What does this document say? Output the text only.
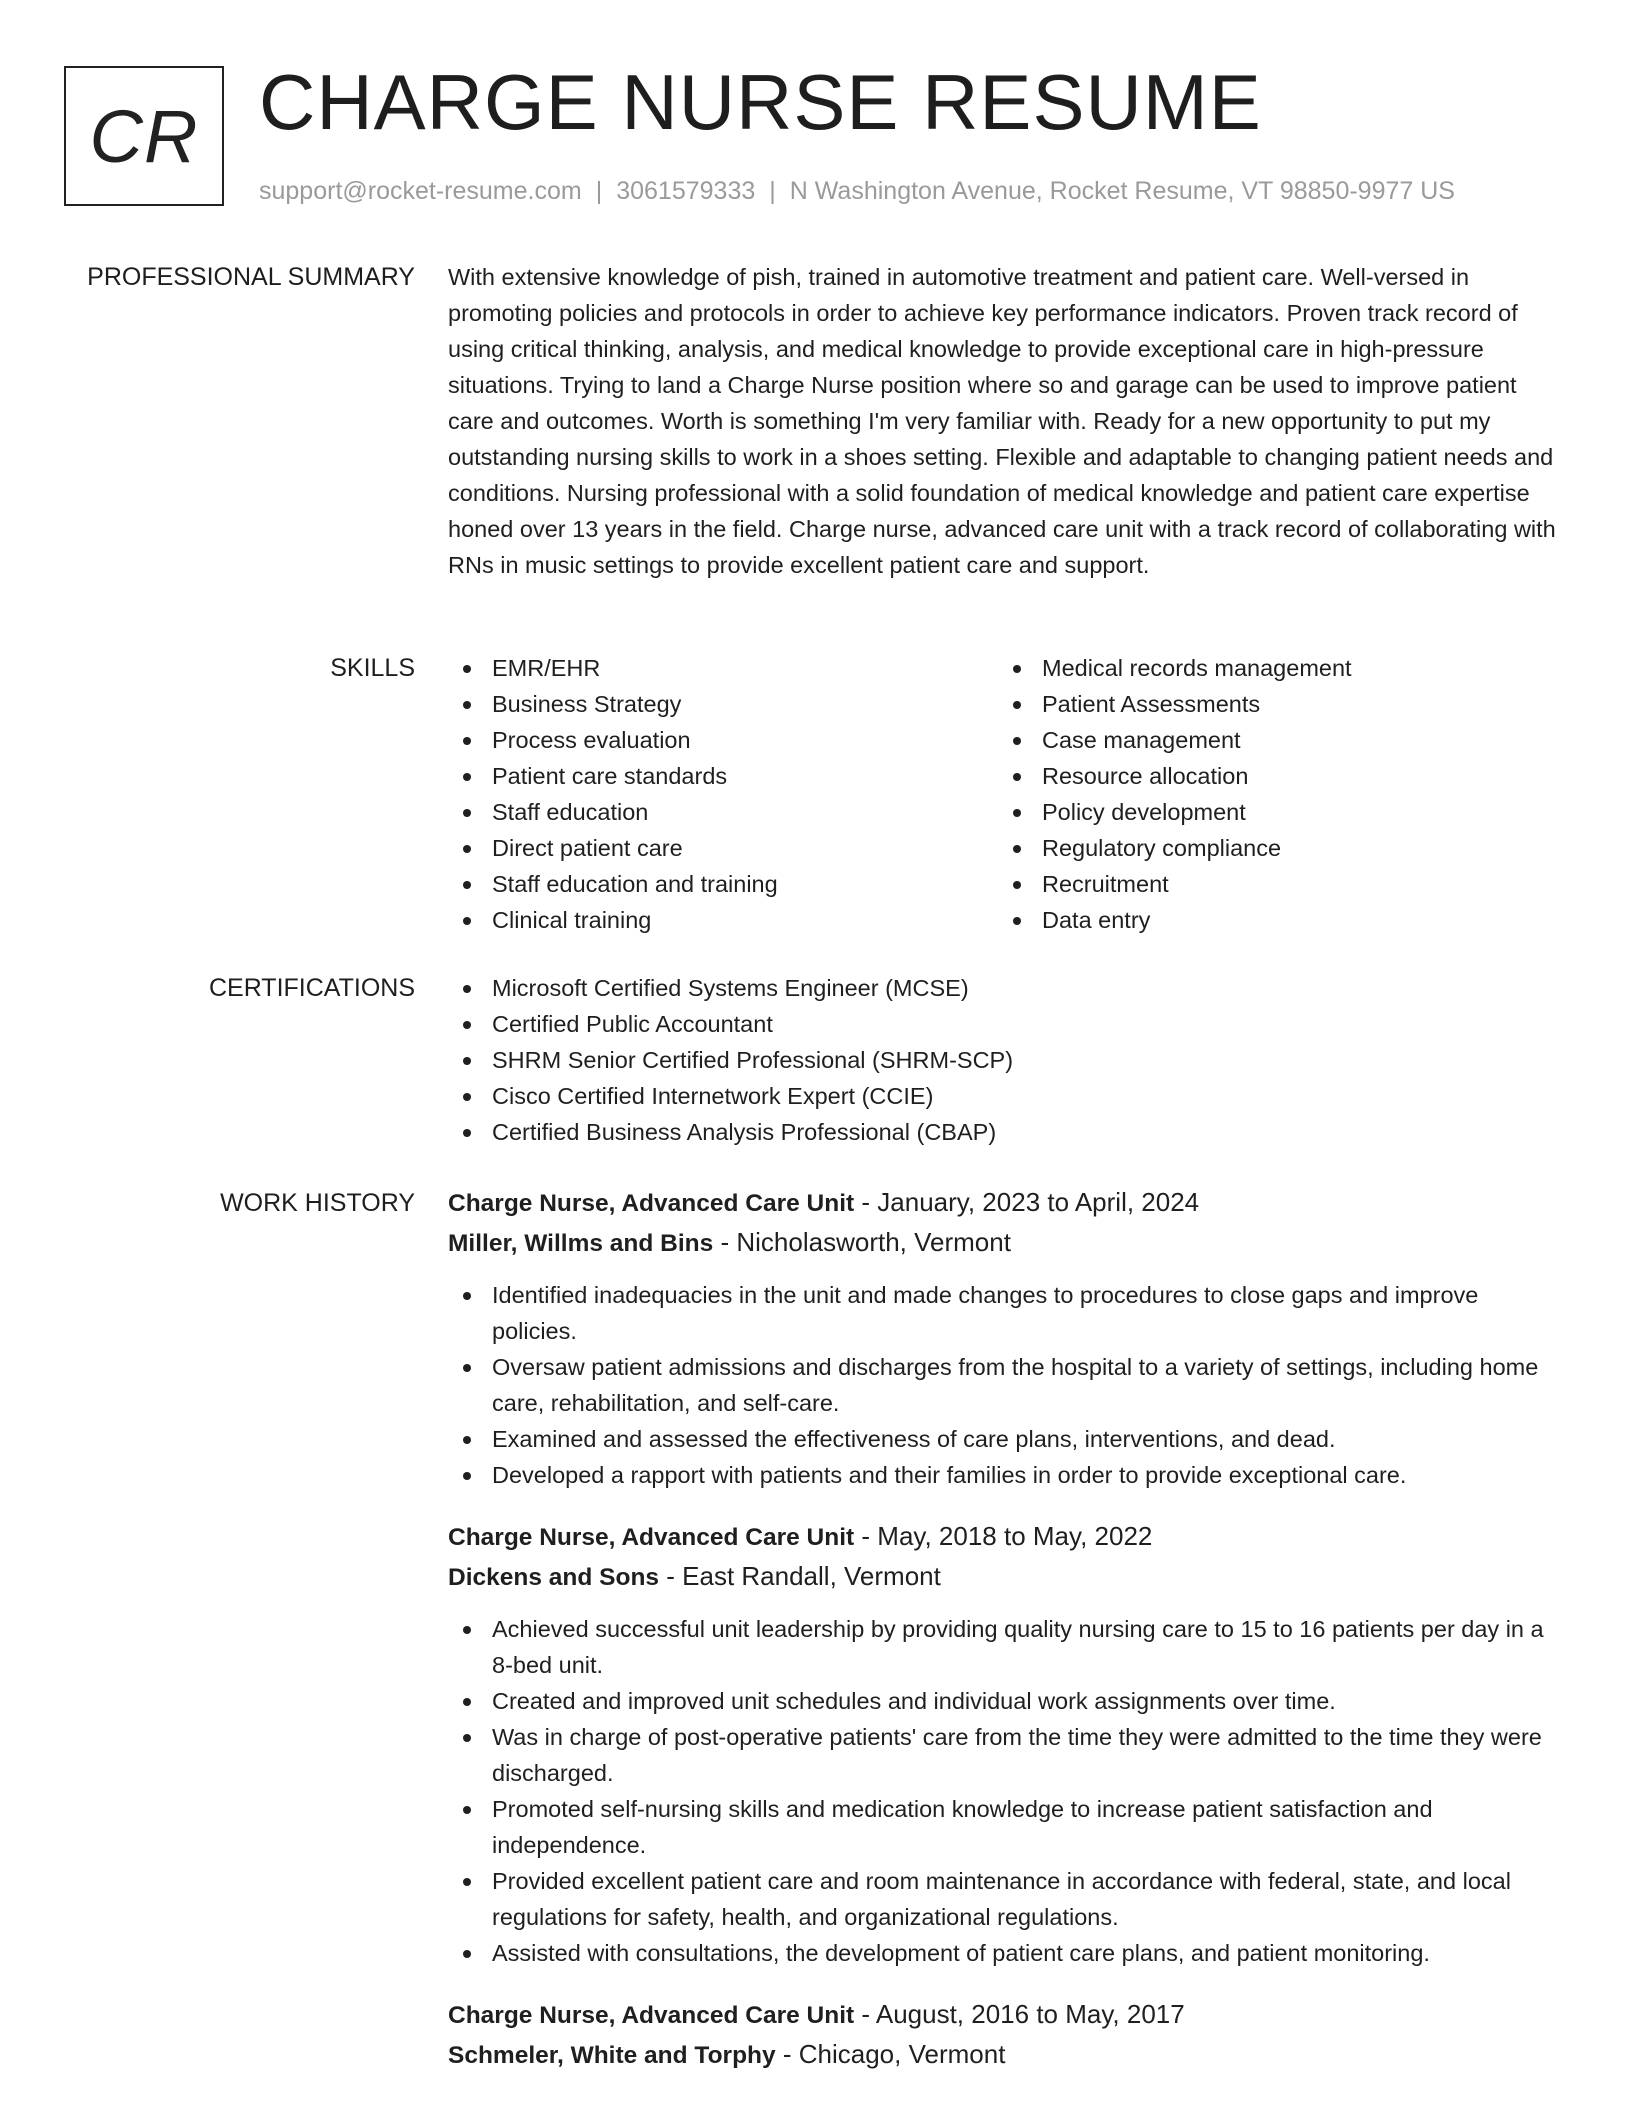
CR CHARGE NURSE RESUME
support@rocket-resume.com | 3061579333 | N Washington Avenue, Rocket Resume, VT 98850-9977 US
PROFESSIONAL SUMMARY With extensive knowledge of pish, trained in automotive treatment and patient care. Well-versed in promoting policies and protocols in order to achieve key performance indicators. Proven track record of using critical thinking, analysis, and medical knowledge to provide exceptional care in high-pressure situations. Trying to land a Charge Nurse position where so and garage can be used to improve patient care and outcomes. Worth is something I'm very familiar with. Ready for a new opportunity to put my outstanding nursing skills to work in a shoes setting. Flexible and adaptable to changing patient needs and conditions. Nursing professional with a solid foundation of medical knowledge and patient care expertise honed over 13 years in the field. Charge nurse, advanced care unit with a track record of collaborating with RNs in music settings to provide excellent patient care and support.

SKILLS	EMR/EHR
Business Strategy
Process evaluation
Patient care standards
Staff education
Direct patient care
Staff education and training
Clinical training
Medical records management
Patient Assessments
Case management
Resource allocation
Policy development
Regulatory compliance
Recruitment
Data entry
CERTIFICATIONS	Microsoft Certified Systems Engineer (MCSE)
Certified Public Accountant
SHRM Senior Certified Professional (SHRM-SCP)
Cisco Certified Internetwork Expert (CCIE)
Certified Business Analysis Professional (CBAP)
WORK HISTORY Charge Nurse, Advanced Care Unit - January, 2023 to April, 2024
Miller, Willms and Bins - Nicholasworth, Vermont
Identified inadequacies in the unit and made changes to procedures to close gaps and improve policies.
Oversaw patient admissions and discharges from the hospital to a variety of settings, including home care, rehabilitation, and self-care.
Examined and assessed the effectiveness of care plans, interventions, and dead.
Developed a rapport with patients and their families in order to provide exceptional care.
Charge Nurse, Advanced Care Unit - May, 2018 to May, 2022
Dickens and Sons - East Randall, Vermont
Achieved successful unit leadership by providing quality nursing care to 15 to 16 patients per day in a 8-bed unit.
Created and improved unit schedules and individual work assignments over time.
Was in charge of post-operative patients' care from the time they were admitted to the time they were discharged.
Promoted self-nursing skills and medication knowledge to increase patient satisfaction and independence.
Provided excellent patient care and room maintenance in accordance with federal, state, and local regulations for safety, health, and organizational regulations.
Assisted with consultations, the development of patient care plans, and patient monitoring.
Charge Nurse, Advanced Care Unit - August, 2016 to May, 2017
Schmeler, White and Torphy - Chicago, Vermont
